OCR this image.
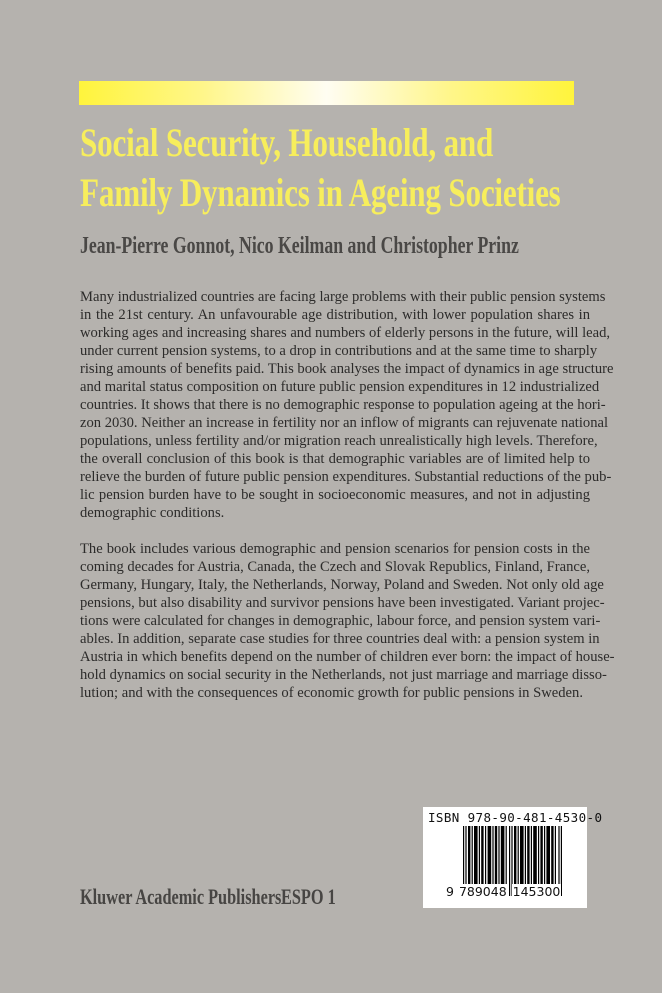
Social Security, Household, and
Family Dynamics in Ageing Societies
Jean-Pierre Gonnot, Nico Keilman and Christopher Prinz

Many industrialized countries are facing large problems with their public pension systems
in the 21st century. An unfavourable age distribution, with lower population shares in
working ages and increasing shares and numbers of elderly persons in the future, will lead,
under current pension systems, to a drop in contributions and at the same time to sharply
rising amounts of benefits paid. This book analyses the impact of dynamics in age structure
and marital status composition on future public pension expenditures in 12 industrialized
countries. It shows that there is no demographic response to population ageing at the hori-
zon 2030. Neither an increase in fertility nor an inflow of migrants can rejuvenate national
populations, unless fertility and/or migration reach unrealistically high levels. Therefore,
the overall conclusion of this book is that demographic variables are of limited help to
relieve the burden of future public pension expenditures. Substantial reductions of the pub-
lic pension burden have to be sought in socioeconomic measures, and not in adjusting
demographic conditions.

The book includes various demographic and pension scenarios for pension costs in the
coming decades for Austria, Canada, the Czech and Slovak Republics, Finland, France,
Germany, Hungary, Italy, the Netherlands, Norway, Poland and Sweden. Not only old age
pensions, but also disability and survivor pensions have been investigated. Variant projec-
tions were calculated for changes in demographic, labour force, and pension system vari-
ables. In addition, separate case studies for three countries deal with: a pension system in
Austria in which benefits depend on the number of children ever born: the impact of house-
hold dynamics on social security in the Netherlands, not just marriage and marriage disso-
lution; and with the consequences of economic growth for public pensions in Sweden.

ISBN 978-90-481-4530-0
9 789048 145300
Kluwer Academic Publishers ESPO 1
